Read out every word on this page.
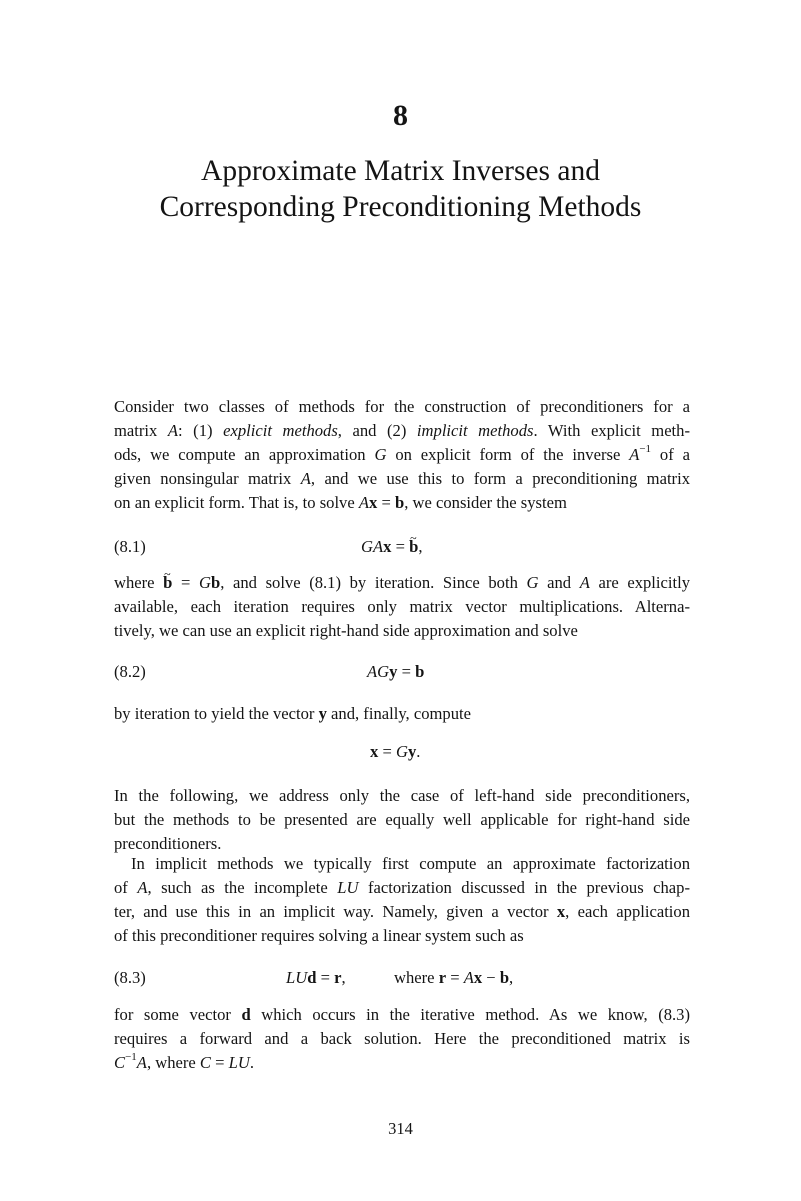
8
Approximate Matrix Inverses and
Corresponding Preconditioning Methods
Consider two classes of methods for the construction of preconditioners for a
matrix A: (1) explicit methods, and (2) implicit methods. With explicit meth-
ods, we compute an approximation G on explicit form of the inverse $A^{-1}$ of a
given nonsingular matrix A, and we use this to form a preconditioning matrix
on an explicit form. That is, to solve Ax = b, we consider the system
(8.1)	GAx = b ~,
where b ~ = Gb, and solve (8.1) by iteration. Since both G and A are explicitly
available, each iteration requires only matrix vector multiplications. Alterna-
tively, we can use an explicit right-hand side approximation and solve
(8.2)	AGy = b
by iteration to yield the vector y and, finally, compute
x = Gy.
In the following, we address only the case of left-hand side preconditioners,
but the methods to be presented are equally well applicable for right-hand side
preconditioners.
In implicit methods we typically first compute an approximate factorization
of A, such as the incomplete LU factorization discussed in the previous chap-
ter, and use this in an implicit way. Namely, given a vector x, each application
of this preconditioner requires solving a linear system such as
(8.3)	LUd = r,	where r = Ax − b,
for some vector d which occurs in the iterative method. As we know, (8.3)
requires a forward and a back solution. Here the preconditioned matrix is
$C^{-1}A$, where C = LU.
314
